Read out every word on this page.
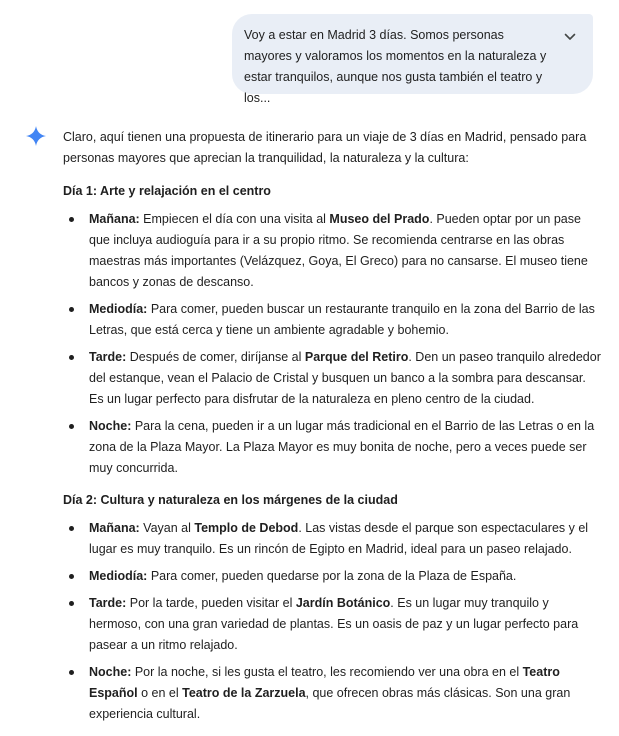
Voy a estar en Madrid 3 días. Somos personas mayores y valoramos los momentos en la naturaleza y estar tranquilos, aunque nos gusta también el teatro y los...

Claro, aquí tienen una propuesta de itinerario para un viaje de 3 días en Madrid, pensado para personas mayores que aprecian la tranquilidad, la naturaleza y la cultura:

Día 1: Arte y relajación en el centro

Mañana: Empiecen el día con una visita al Museo del Prado. Pueden optar por un pase que incluya audioguía para ir a su propio ritmo. Se recomienda centrarse en las obras maestras más importantes (Velázquez, Goya, El Greco) para no cansarse. El museo tiene bancos y zonas de descanso.
Mediodía: Para comer, pueden buscar un restaurante tranquilo en la zona del Barrio de las Letras, que está cerca y tiene un ambiente agradable y bohemio.
Tarde: Después de comer, diríjanse al Parque del Retiro. Den un paseo tranquilo alrededor del estanque, vean el Palacio de Cristal y busquen un banco a la sombra para descansar. Es un lugar perfecto para disfrutar de la naturaleza en pleno centro de la ciudad.
Noche: Para la cena, pueden ir a un lugar más tradicional en el Barrio de las Letras o en la zona de la Plaza Mayor. La Plaza Mayor es muy bonita de noche, pero a veces puede ser muy concurrida.

Día 2: Cultura y naturaleza en los márgenes de la ciudad

Mañana: Vayan al Templo de Debod. Las vistas desde el parque son espectaculares y el lugar es muy tranquilo. Es un rincón de Egipto en Madrid, ideal para un paseo relajado.
Mediodía: Para comer, pueden quedarse por la zona de la Plaza de España.
Tarde: Por la tarde, pueden visitar el Jardín Botánico. Es un lugar muy tranquilo y hermoso, con una gran variedad de plantas. Es un oasis de paz y un lugar perfecto para pasear a un ritmo relajado.
Noche: Por la noche, si les gusta el teatro, les recomiendo ver una obra en el Teatro Español o en el Teatro de la Zarzuela, que ofrecen obras más clásicas. Son una gran experiencia cultural.
